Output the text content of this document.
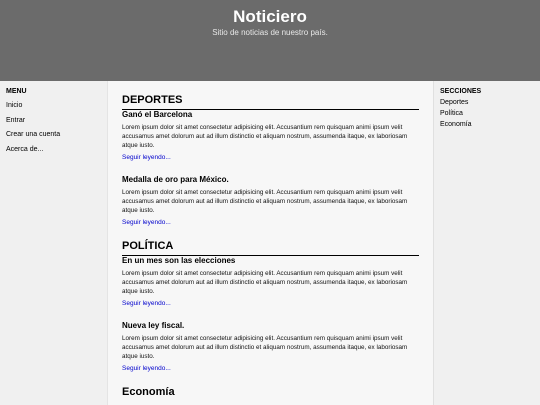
Noticiero
Sitio de noticias de nuestro país.
MENU
Inicio
Entrar
Crear una cuenta
Acerca de...
DEPORTES
Ganó el Barcelona
Lorem ipsum dolor sit amet consectetur adipisicing elit. Accusantium rem quisquam animi ipsum velit accusamus amet dolorum aut ad illum distinctio et aliquam nostrum, assumenda itaque, ex laboriosam atque iusto.
Seguir leyendo...
Medalla de oro para México.
Lorem ipsum dolor sit amet consectetur adipisicing elit. Accusantium rem quisquam animi ipsum velit accusamus amet dolorum aut ad illum distinctio et aliquam nostrum, assumenda itaque, ex laboriosam atque iusto.
Seguir leyendo...
POLÍTICA
En un mes son las elecciones
Lorem ipsum dolor sit amet consectetur adipisicing elit. Accusantium rem quisquam animi ipsum velit accusamus amet dolorum aut ad illum distinctio et aliquam nostrum, assumenda itaque, ex laboriosam atque iusto.
Seguir leyendo...
Nueva ley fiscal.
Lorem ipsum dolor sit amet consectetur adipisicing elit. Accusantium rem quisquam animi ipsum velit accusamus amet dolorum aut ad illum distinctio et aliquam nostrum, assumenda itaque, ex laboriosam atque iusto.
Seguir leyendo...
Economía
SECCIONES
Deportes
Política
Economía
